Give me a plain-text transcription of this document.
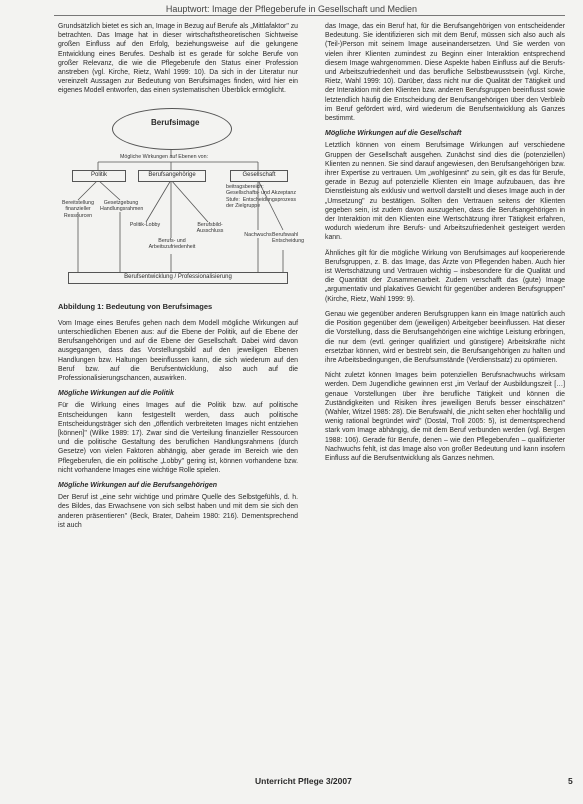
Hauptwort: Image der Pflegeberufe in Gesellschaft und Medien

Grundsätzlich bietet es sich an, Image in Bezug auf Berufe als „Mittlafaktor" zu betrachten. Das Image hat in dieser wirtschaftstheoretischen Sichtweise großen Einfluss auf den Erfolg, beziehungsweise auf die gelungene Entwicklung eines Berufes. Deshalb ist es gerade für solche Berufe von großer Relevanz, die wie die Pflegeberufe den Status einer Profession anstreben (vgl. Kirche, Rietz, Wahl 1999: 10). Da sich in der Literatur nur vereinzelt Aussagen zur Bedeutung von Berufsimages finden, wird hier ein eigenes Modell entworfen, das einen systematischen Überblick ermöglicht.

Berufsimage
Mögliche Wirkungen auf Ebenen von:
Politik	Berufsangehörige	Gesellschaft
beitragsbereich: Gesellschafts- und Akzeptanz Stufe: Entscheidungsprozess der Zielgruppe
Bereitstellung finanzieller Ressourcen
Gesetzgebung Handlungsrahmen
Politik-Lobby	Berufsbild-Ausschluss
Berufs- und Arbeitszufriedenheit
Nachwuchs Berufswahl Entscheidung
Berufsentwicklung / Professionalisierung
Abbildung 1: Bedeutung von Berufsimages

Vom Image eines Berufes gehen nach dem Modell mögliche Wirkungen auf unterschiedlichen Ebenen aus: auf die Ebene der Politik, auf die Ebene der Berufsangehörigen und auf die Ebene der Gesellschaft. Dabei wird davon ausgegangen, dass das Vorstellungsbild auf den jeweiligen Ebenen Handlungen bzw. Haltungen beeinflussen kann, die sich wiederum auf den Beruf bzw. auf die Berufsentwicklung, also auch auf die Professionalisierungschancen, auswirken.

Mögliche Wirkungen auf die Politik

Für die Wirkung eines Images auf die Politik bzw. auf politische Entscheidungen kann festgestellt werden, dass auch politische Entscheidungsträger sich den „öffentlich verbreiteten Images nicht entziehen [können]" (Wilke 1989: 17). Zwar sind die Verteilung finanzieller Ressourcen und die politische Gestaltung des beruflichen Handlungsrahmens (durch Gesetze) von vielen Faktoren abhängig, aber gerade im Bereich wie den Pflegeberufen, die ein politische „Lobby" gering ist, können vorhandene bzw. nicht vorhandene Images eine wichtige Rolle spielen.

Mögliche Wirkungen auf die Berufsangehörigen

Der Beruf ist „eine sehr wichtige und primäre Quelle des Selbstgefühls, d. h. des Bildes, das Erwachsene von sich selbst haben und mit dem sie sich den anderen präsentieren" (Beck, Brater, Daheim 1980: 216). Dementsprechend ist auch

das Image, das ein Beruf hat, für die Berufsangehörigen von entscheidender Bedeutung. Sie identifizieren sich mit dem Beruf, müssen sich also auch als (Teil-)Person mit seinem Image auseinandersetzen. Und Sie werden von vielen ihrer Klienten zumindest zu Beginn einer Interaktion entsprechend diesem Image wahrgenommen. Diese Aspekte haben Einfluss auf die Berufs- und Arbeitszufriedenheit und das berufliche Selbstbewusstsein (vgl. Kirche, Rietz, Wahl 1999: 10). Darüber, dass nicht nur die Qualität der Tätigkeit und der Interaktion mit den Klienten bzw. anderen Berufsgruppen beeinflusst sowie letztendlich häufig die Entscheidung der Berufsangehörigen über den Verbleib im Beruf gefördert wird, wird wiederum die Berufsentwicklung als Ganzes bestimmt.

Mögliche Wirkungen auf die Gesellschaft

Letztlich können von einem Berufsimage Wirkungen auf verschiedene Gruppen der Gesellschaft ausgehen. Zunächst sind dies die (potenziellen) Klienten zu nennen. Sie sind darauf angewiesen, den Berufsangehörigen bzw. ihrer Expertise zu vertrauen. Um „wohlgesinnt" zu sein, gilt es das für Berufe, gerade in Bezug auf potenzielle Klienten ein Image aufzubauen, das ihre Dienstleistung als exklusiv und wertvoll darstellt und dieses Image auch in der „Umsetzung" zu bestätigen. Sollten den Vertrauen seitens der Klienten gegeben sein, ist zudem davon auszugehen, dass die Berufsangehörigen in der Interaktion mit den Klienten eine Wertschätzung ihrer Tätigkeit erfahren, wodurch wiederum ihre Berufs- und Arbeitszufriedenheit gesteigert werden kann.

Ähnliches gilt für die mögliche Wirkung von Berufsimages auf kooperierende Berufsgruppen, z. B. das Image, das Ärzte von Pflegenden haben. Auch hier ist Wertschätzung und Vertrauen wichtig – insbesondere für die Qualität und die Quantität der Zusammenarbeit. Zudem verschafft das (gute) Image „argumentativ und plakatives Gewicht für gegenüber anderen Berufsgruppen" (Kirche, Rietz, Wahl 1999: 9).

Genau wie gegenüber anderen Berufsgruppen kann ein Image natürlich auch die Position gegenüber dem (jeweiligen) Arbeitgeber beeinflussen. Hat dieser die Vorstellung, dass die Berufsangehörigen eine wichtige Leistung erbringen, die nur dem (evtl. geringer qualifiziert und günstigere) Arbeitskräfte nicht ersetzbar können, wird er bestrebt sein, die Berufsangehörigen zu halten und ihre Arbeitsbedingungen, die Berufsumstände (Verdienstsatz) zu optimieren.

Nicht zuletzt können Images beim potenziellen Berufsnachwuchs wirksam werden. Dem Jugendliche gewinnen erst „im Verlauf der Ausbildungszeit […] genaue Vorstellungen über ihre berufliche Tätigkeit und können die Zuständigkeiten und Risiken ihres jeweiligen Berufs besser einschätzen" (Wahler, Witzel 1985: 28). Die Berufswahl, die „nicht selten eher hochfällig und wenig rational begründet wird" (Dostal, Troll 2005: 5), ist dementsprechend stark vom Image abhängig, die mit dem Beruf verbunden werden (vgl. Bergen 1988: 106). Gerade für Berufe, denen – wie den Pflegeberufen – qualifizierter Nachwuchs fehlt, ist das Image also von großer Bedeutung und kann insofern Einfluss auf die Berufsentwicklung als Ganzes nehmen.

Unterricht Pflege 3/2007	5
